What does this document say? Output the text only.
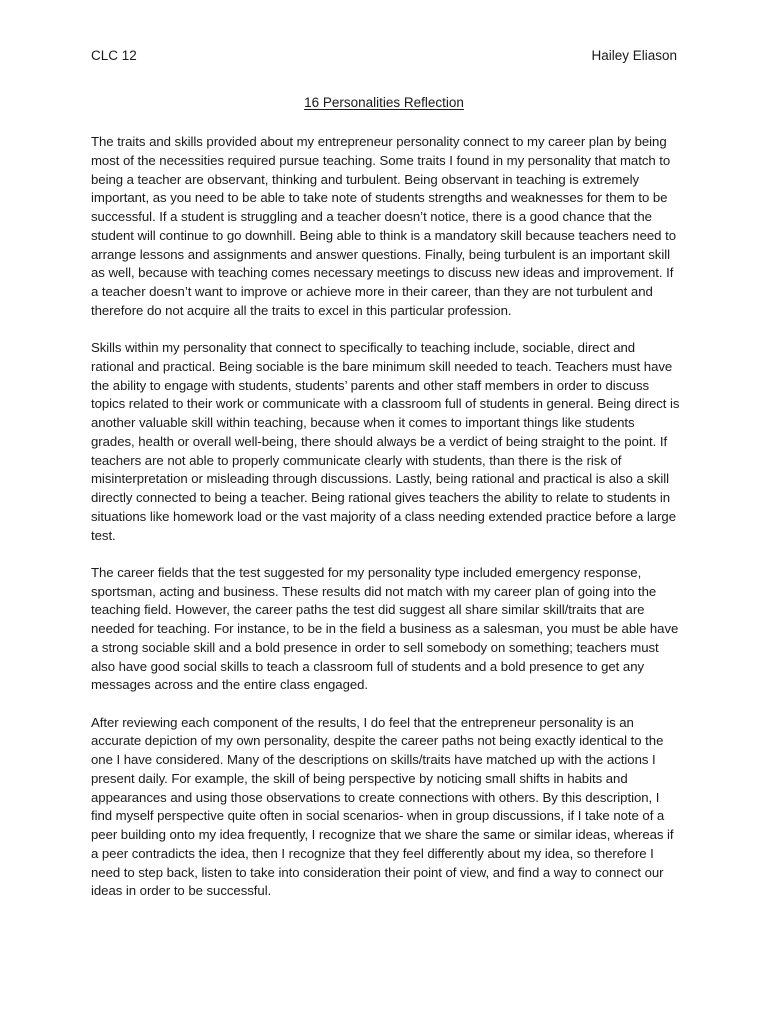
CLC 12	Hailey Eliason
16 Personalities Reflection

The traits and skills provided about my entrepreneur personality connect to my career plan by being most of the necessities required pursue teaching. Some traits I found in my personality that match to being a teacher are observant, thinking and turbulent. Being observant in teaching is extremely important, as you need to be able to take note of students strengths and weaknesses for them to be successful. If a student is struggling and a teacher doesn’t notice, there is a good chance that the student will continue to go downhill. Being able to think is a mandatory skill because teachers need to arrange lessons and assignments and answer questions. Finally, being turbulent is an important skill as well, because with teaching comes necessary meetings to discuss new ideas and improvement. If a teacher doesn’t want to improve or achieve more in their career, than they are not turbulent and therefore do not acquire all the traits to excel in this particular profession.

Skills within my personality that connect to specifically to teaching include, sociable, direct and rational and practical. Being sociable is the bare minimum skill needed to teach. Teachers must have the ability to engage with students, students’ parents and other staff members in order to discuss topics related to their work or communicate with a classroom full of students in general. Being direct is another valuable skill within teaching, because when it comes to important things like students grades, health or overall well-being, there should always be a verdict of being straight to the point. If teachers are not able to properly communicate clearly with students, than there is the risk of misinterpretation or misleading through discussions. Lastly, being rational and practical is also a skill directly connected to being a teacher. Being rational gives teachers the ability to relate to students in situations like homework load or the vast majority of a class needing extended practice before a large test.

The career fields that the test suggested for my personality type included emergency response, sportsman, acting and business. These results did not match with my career plan of going into the teaching field. However, the career paths the test did suggest all share similar skill/traits that are needed for teaching. For instance, to be in the field a business as a salesman, you must be able have a strong sociable skill and a bold presence in order to sell somebody on something; teachers must also have good social skills to teach a classroom full of students and a bold presence to get any messages across and the entire class engaged.

After reviewing each component of the results, I do feel that the entrepreneur personality is an accurate depiction of my own personality, despite the career paths not being exactly identical to the one I have considered. Many of the descriptions on skills/traits have matched up with the actions I present daily. For example, the skill of being perspective by noticing small shifts in habits and appearances and using those observations to create connections with others. By this description, I find myself perspective quite often in social scenarios- when in group discussions, if I take note of a peer building onto my idea frequently, I recognize that we share the same or similar ideas, whereas if a peer contradicts the idea, then I recognize that they feel differently about my idea, so therefore I need to step back, listen to take into consideration their point of view, and find a way to connect our ideas in order to be successful.
